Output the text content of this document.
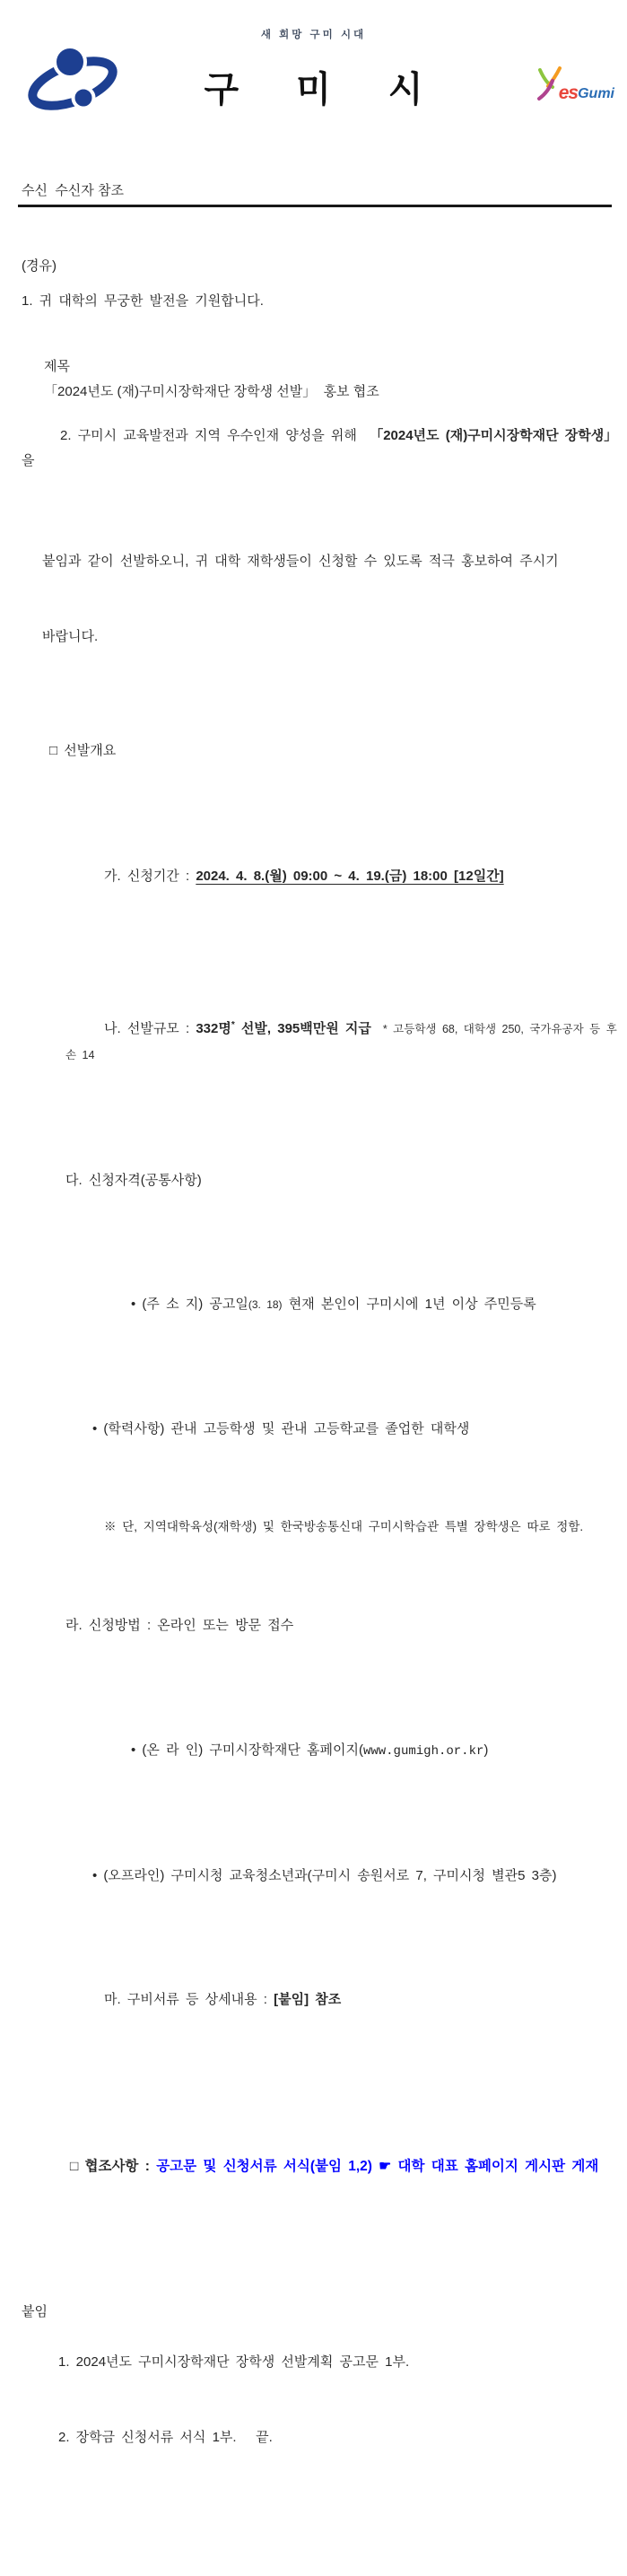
새 희망 구미 시대
구미시	es Gumi

수신  수신자 참조

(경유)

제목
「2024년도 (재)구미시장학재단 장학생 선발」  홍보 협조

1. 귀 대학의 무궁한 발전을 기원합니다.

2. 구미시 교육발전과 지역 우수인재 양성을 위해  「2024년도 (재)구미시장학재단 장학생」을

붙임과 같이 선발하오니, 귀 대학 재학생들이 신청할 수 있도록 적극 홍보하여 주시기

바랍니다.

□ 선발개요

가. 신청기간 : 2024. 4. 8.(월) 09:00 ~ 4. 19.(금) 18:00 [12일간]

나. 선발규모 : 332명* 선발, 395백만원 지급  * 고등학생 68, 대학생 250, 국가유공자 등 후손 14

다. 신청자격(공통사항)

• (주 소 지) 공고일(3. 18) 현재 본인이 구미시에 1년 이상 주민등록

• (학력사항) 관내 고등학생 및 관내 고등학교를 졸업한 대학생

※ 단, 지역대학육성(재학생) 및 한국방송통신대 구미시학습관 특별 장학생은 따로 정함.

라. 신청방법 : 온라인 또는 방문 접수

• (온 라 인) 구미시장학재단 홈페이지(www.gumigh.or.kr)

• (오프라인) 구미시청 교육청소년과(구미시 송원서로 7, 구미시청 별관5 3층)

마. 구비서류 등 상세내용 : [붙임] 참조

□ 협조사항 : 공고문 및 신청서류 서식(붙임 1,2) ☛ 대학 대표 홈페이지 게시판 게재

붙임

1. 2024년도 구미시장학재단 장학생 선발계획 공고문 1부.

2. 장학금 신청서류 서식 1부.   끝.
